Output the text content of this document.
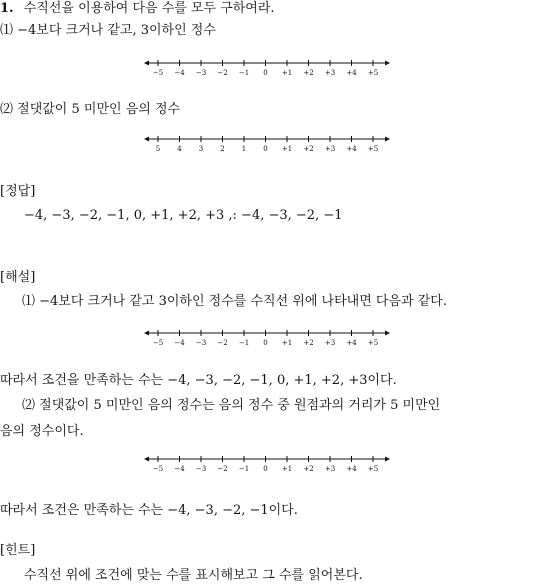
1. 수직선을 이용하여 다음 수를 모두 구하여라.
⑴ −4보다 크거나 같고, 3이하인 정수
−5 −4 −3 −2 −1 0 +1 +2 +3 +4 +5
⑵ 절댓값이 5 미만인 음의 정수
5 4 3 2 1 0 +1 +2 +3 +4 +5
[정답]
−4, −3, −2, −1, 0, +1, +2, +3 ,: −4, −3, −2, −1
[해설]
⑴ −4보다 크거나 같고 3이하인 정수를 수직선 위에 나타내면 다음과 같다.
−5 −4 −3 −2 −1 0 +1 +2 +3 +4 +5
따라서 조건을 만족하는 수는 −4, −3, −2, −1, 0, +1, +2, +3이다.
⑵ 절댓값이 5 미만인 음의 정수는 음의 정수 중 원점과의 거리가 5 미만인
음의 정수이다.
−5 −4 −3 −2 −1 0 +1 +2 +3 +4 +5
따라서 조건은 만족하는 수는 −4, −3, −2, −1이다.
[힌트]
수직선 위에 조건에 맞는 수를 표시해보고 그 수를 읽어본다.
